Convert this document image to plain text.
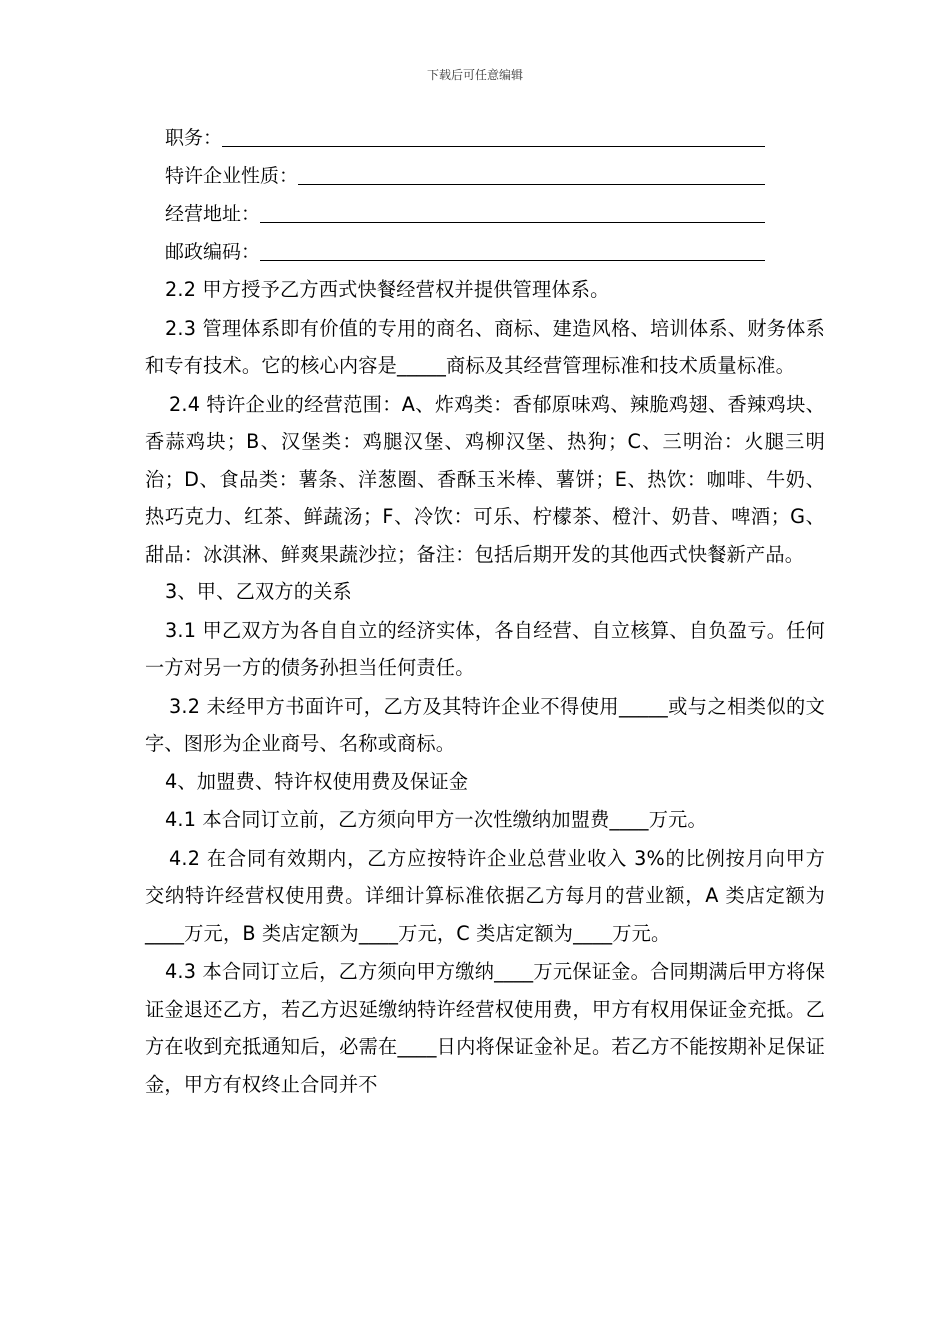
下载后可任意编辑
职务：
特许企业性质：
经营地址：
邮政编码：

2.2 甲方授予乙方西式快餐经营权并提供管理体系。

2.3 管理体系即有价值的专用的商名、商标、建造风格、培训体系、财务体系和专有技术。它的核心内容是_____商标及其经营管理标准和技术质量标准。

2.4 特许企业的经营范围：A、炸鸡类：香郁原味鸡、辣脆鸡翅、香辣鸡块、香蒜鸡块；B、汉堡类：鸡腿汉堡、鸡柳汉堡、热狗；C、三明治：火腿三明治；D、食品类：薯条、洋葱圈、香酥玉米棒、薯饼；E、热饮：咖啡、牛奶、热巧克力、红茶、鲜蔬汤；F、冷饮：可乐、柠檬茶、橙汁、奶昔、啤酒；G、甜品：冰淇淋、鲜爽果蔬沙拉；备注：包括后期开发的其他西式快餐新产品。

3、甲、乙双方的关系

3.1 甲乙双方为各自自立的经济实体，各自经营、自立核算、自负盈亏。任何一方对另一方的债务孙担当任何责任。

3.2 未经甲方书面许可，乙方及其特许企业不得使用_____或与之相类似的文字、图形为企业商号、名称或商标。

4、加盟费、特许权使用费及保证金

4.1 本合同订立前，乙方须向甲方一次性缴纳加盟费____万元。

4.2 在合同有效期内，乙方应按特许企业总营业收入 3%的比例按月向甲方交纳特许经营权使用费。详细计算标准依据乙方每月的营业额，A 类店定额为____万元，B 类店定额为____万元，C 类店定额为____万元。

4.3 本合同订立后，乙方须向甲方缴纳____万元保证金。合同期满后甲方将保证金退还乙方，若乙方迟延缴纳特许经营权使用费，甲方有权用保证金充抵。乙方在收到充抵通知后，必需在____日内将保证金补足。若乙方不能按期补足保证金，甲方有权终止合同并不
